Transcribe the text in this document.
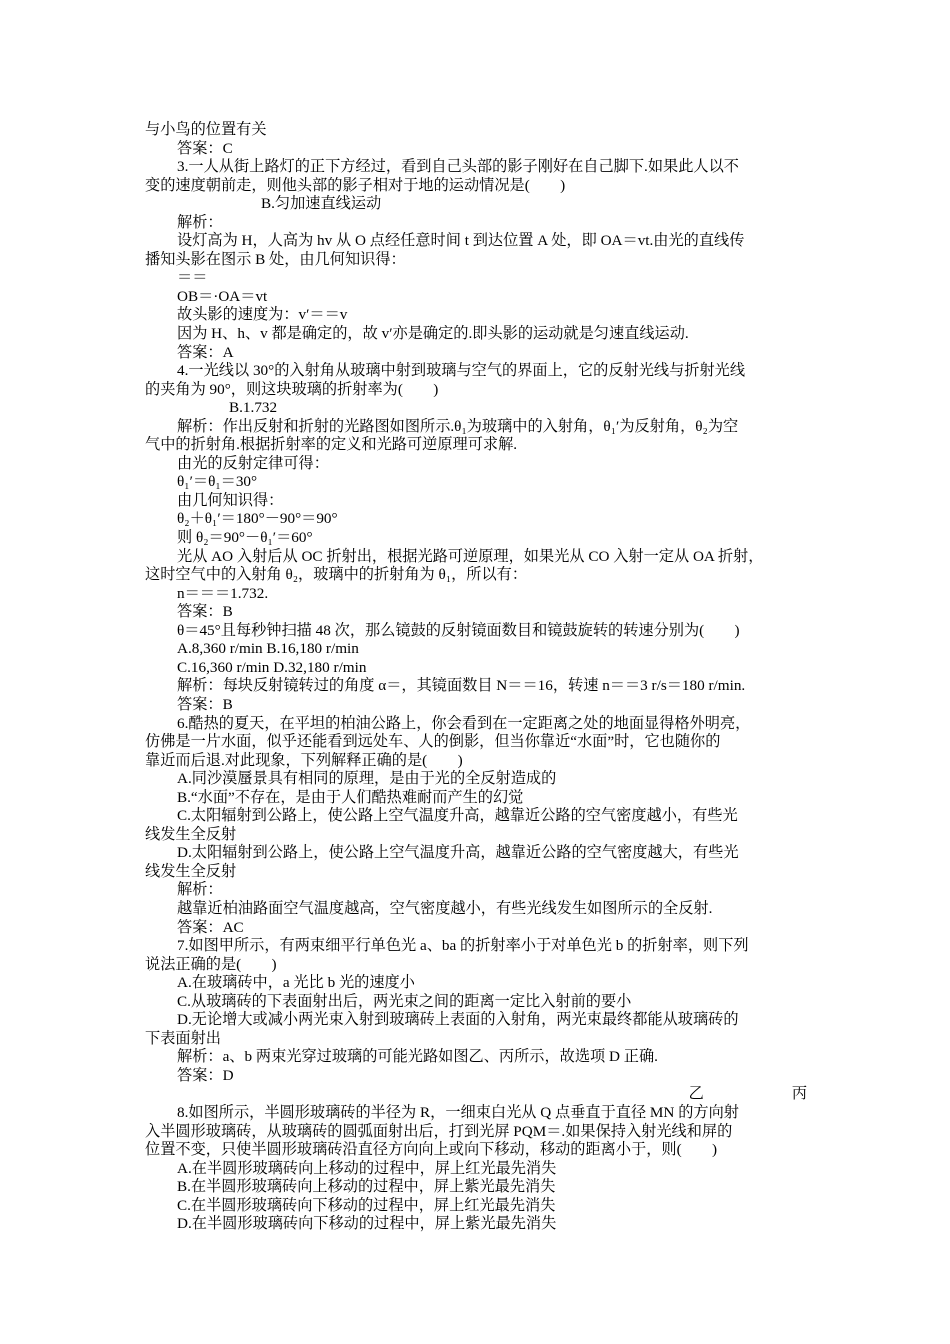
与小鸟的位置有关
答案：C
3.一人从街上路灯的正下方经过，看到自己头部的影子刚好在自己脚下.如果此人以不
变的速度朝前走，则他头部的影子相对于地的运动情况是(　　)
B.匀加速直线运动
解析：
设灯高为 H，人高为 hv 从 O 点经任意时间 t 到达位置 A 处，即 OA＝vt.由光的直线传
播知头影在图示 B 处，由几何知识得：
＝＝
OB＝·OA＝vt
故头影的速度为：v′＝＝v
因为 H、h、v 都是确定的，故 v′亦是确定的.即头影的运动就是匀速直线运动.
答案：A
4.一光线以 30°的入射角从玻璃中射到玻璃与空气的界面上，它的反射光线与折射光线
的夹角为 90°，则这块玻璃的折射率为(　　)
B.1.732
解析：作出反射和折射的光路图如图所示.θ₁为玻璃中的入射角，θ₁′为反射角，θ₂为空
气中的折射角.根据折射率的定义和光路可逆原理可求解.
由光的反射定律可得：
θ₁′＝θ₁＝30°
由几何知识得：
θ₂＋θ₁′＝180°－90°＝90°
则 θ₂＝90°－θ₁′＝60°
光从 AO 入射后从 OC 折射出，根据光路可逆原理，如果光从 CO 入射一定从 OA 折射，
这时空气中的入射角 θ₂，玻璃中的折射角为 θ₁，所以有：
n＝＝＝1.732.
答案：B
θ＝45°且每秒钟扫描 48 次，那么镜鼓的反射镜面数目和镜鼓旋转的转速分别为(　　)
A.8,360 r/min B.16,180 r/min
C.16,360 r/min D.32,180 r/min
解析：每块反射镜转过的角度 α＝，其镜面数目 N＝＝16，转速 n＝＝3 r/s＝180 r/min.
答案：B
6.酷热的夏天，在平坦的柏油公路上，你会看到在一定距离之处的地面显得格外明亮，
仿佛是一片水面，似乎还能看到远处车、人的倒影，但当你靠近“水面”时，它也随你的
靠近而后退.对此现象，下列解释正确的是(　　)
A.同沙漠蜃景具有相同的原理，是由于光的全反射造成的
B.“水面”不存在，是由于人们酷热难耐而产生的幻觉
C.太阳辐射到公路上，使公路上空气温度升高，越靠近公路的空气密度越小，有些光
线发生全反射
D.太阳辐射到公路上，使公路上空气温度升高，越靠近公路的空气密度越大，有些光
线发生全反射
解析：
越靠近柏油路面空气温度越高，空气密度越小，有些光线发生如图所示的全反射.
答案：AC
7.如图甲所示，有两束细平行单色光 a、ba 的折射率小于对单色光 b 的折射率，则下列
说法正确的是(　　)
A.在玻璃砖中，a 光比 b 光的速度小
C.从玻璃砖的下表面射出后，两光束之间的距离一定比入射前的要小
D.无论增大或减小两光束入射到玻璃砖上表面的入射角，两光束最终都能从玻璃砖的
下表面射出
解析：a、b 两束光穿过玻璃的可能光路如图乙、丙所示，故选项 D 正确.
答案：D
乙	丙
8.如图所示，半圆形玻璃砖的半径为 R，一细束白光从 Q 点垂直于直径 MN 的方向射
入半圆形玻璃砖，从玻璃砖的圆弧面射出后，打到光屏 PQM＝.如果保持入射光线和屏的
位置不变，只使半圆形玻璃砖沿直径方向向上或向下移动，移动的距离小于，则(　　)
A.在半圆形玻璃砖向上移动的过程中，屏上红光最先消失
B.在半圆形玻璃砖向上移动的过程中，屏上紫光最先消失
C.在半圆形玻璃砖向下移动的过程中，屏上红光最先消失
D.在半圆形玻璃砖向下移动的过程中，屏上紫光最先消失
